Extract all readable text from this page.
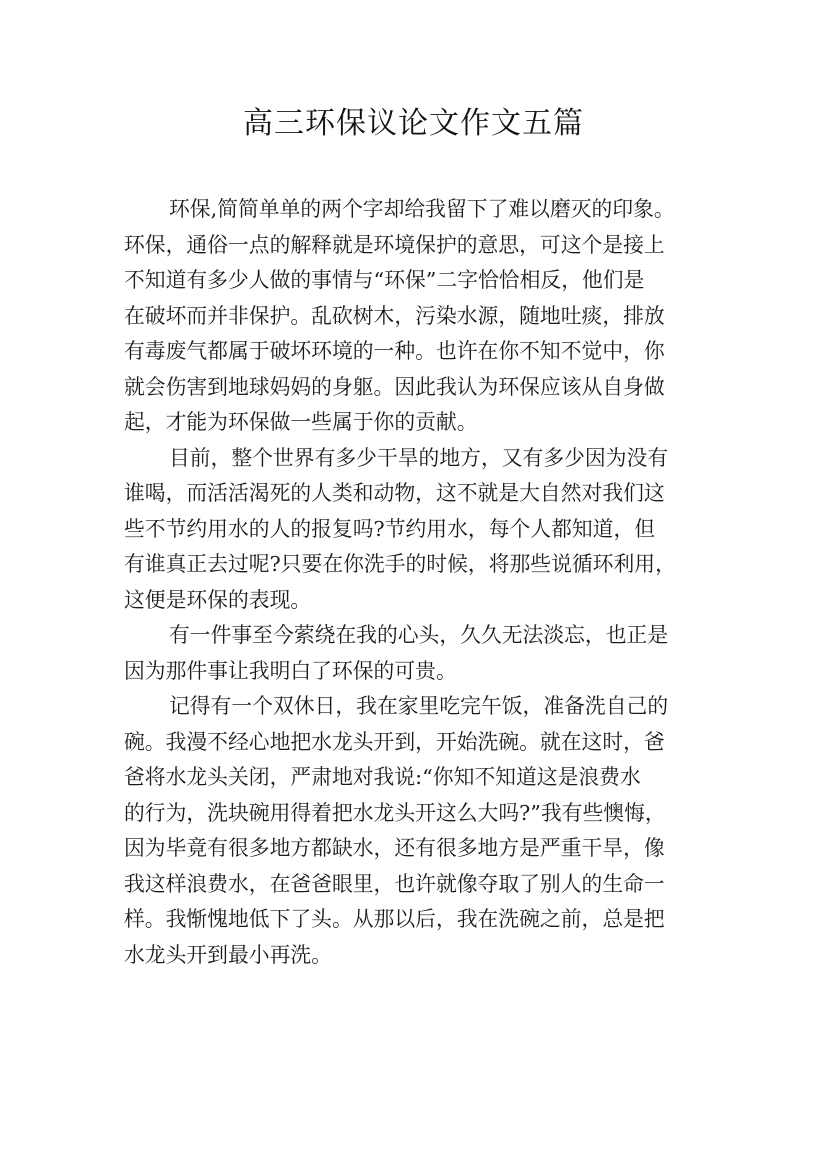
高三环保议论文作文五篇
环保,简简单单的两个字却给我留下了难以磨灭的印象。
环保，通俗一点的解释就是环境保护的意思，可这个是接上
不知道有多少人做的事情与“环保”二字恰恰相反，他们是
在破坏而并非保护。乱砍树木，污染水源，随地吐痰，排放
有毒废气都属于破坏环境的一种。也许在你不知不觉中，你
就会伤害到地球妈妈的身躯。因此我认为环保应该从自身做
起，才能为环保做一些属于你的贡献。
目前，整个世界有多少干旱的地方，又有多少因为没有
谁喝，而活活渴死的人类和动物，这不就是大自然对我们这
些不节约用水的人的报复吗?节约用水，每个人都知道，但
有谁真正去过呢?只要在你洗手的时候，将那些说循环利用，
这便是环保的表现。
有一件事至今萦绕在我的心头，久久无法淡忘，也正是
因为那件事让我明白了环保的可贵。
记得有一个双休日，我在家里吃完午饭，准备洗自己的
碗。我漫不经心地把水龙头开到，开始洗碗。就在这时，爸
爸将水龙头关闭，严肃地对我说:“你知不知道这是浪费水
的行为，洗块碗用得着把水龙头开这么大吗?”我有些懊悔，
因为毕竟有很多地方都缺水，还有很多地方是严重干旱，像
我这样浪费水，在爸爸眼里，也许就像夺取了别人的生命一
样。我惭愧地低下了头。从那以后，我在洗碗之前，总是把
水龙头开到最小再洗。
